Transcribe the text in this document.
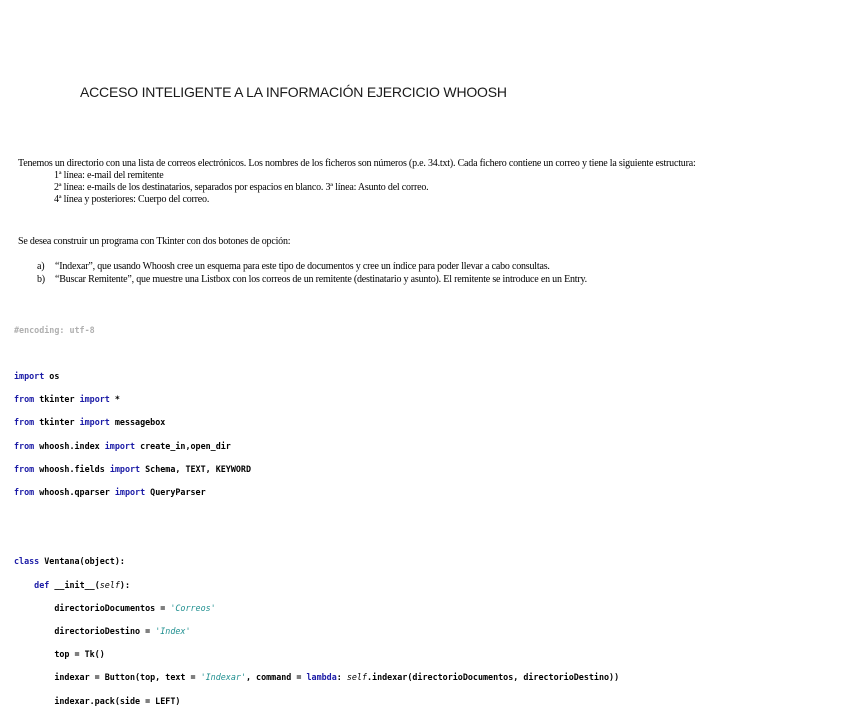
ACCESO INTELIGENTE A LA INFORMACIÓN EJERCICIO WHOOSH
Tenemos un directorio con una lista de correos electrónicos. Los nombres de los ficheros son números (p.e. 34.txt). Cada fichero contiene un correo y tiene la siguiente estructura:
1ª línea: e-mail del remitente
2ª línea: e-mails de los destinatarios, separados por espacios en blanco. 3ª línea: Asunto del correo.
4ª línea y posteriores: Cuerpo del correo.
Se desea construir un programa con Tkinter con dos botones de opción:
a) “Indexar”, que usando Whoosh cree un esquema para este tipo de documentos y cree un índice para poder llevar a cabo consultas.
b) “Buscar Remitente”, que muestre una Listbox con los correos de un remitente (destinatario y asunto). El remitente se introduce en un Entry.

#encoding: utf-8

import os

from tkinter import *

from tkinter import messagebox

from whoosh.index import create_in,open_dir

from whoosh.fields import Schema, TEXT, KEYWORD

from whoosh.qparser import QueryParser

class Ventana(object):

def __init__(self):

directorioDocumentos = 'Correos'

directorioDestino = 'Index'

top = Tk()

indexar = Button(top, text = 'Indexar', command = lambda: self.indexar(directorioDocumentos, directorioDestino))

indexar.pack(side = LEFT)
